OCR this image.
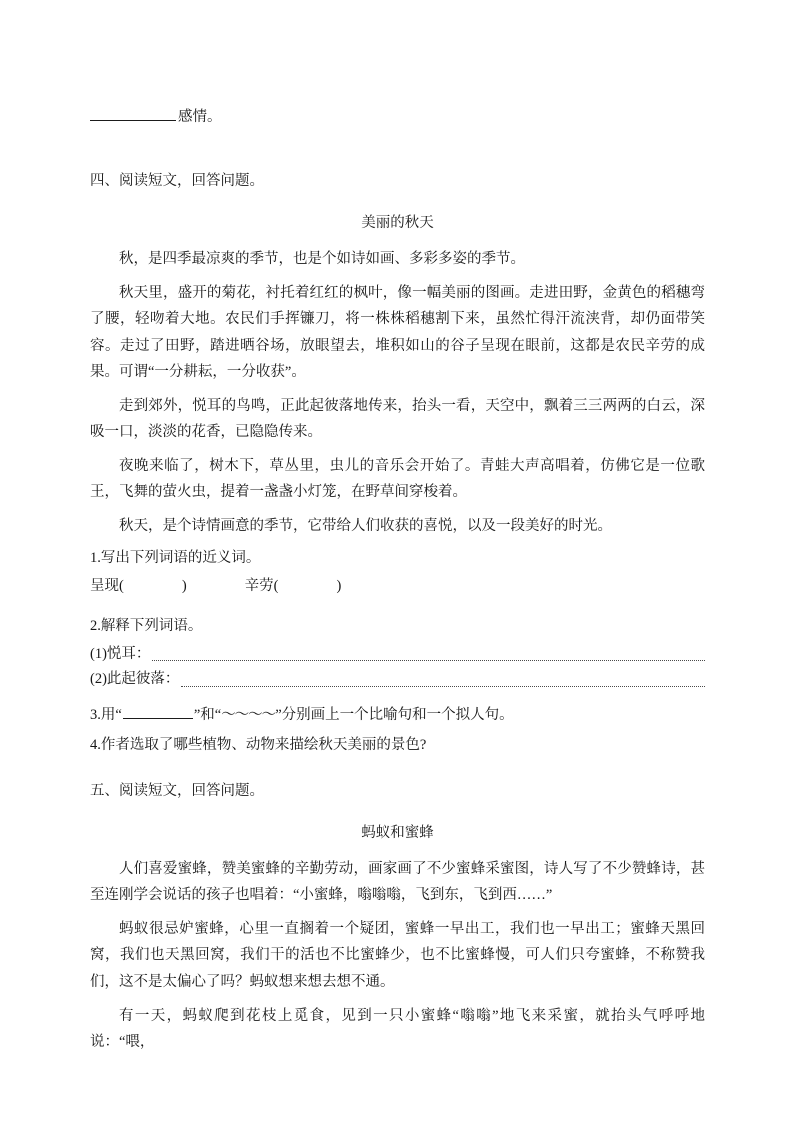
感情。

四、阅读短文，回答问题。

美丽的秋天

秋，是四季最凉爽的季节，也是个如诗如画、多彩多姿的季节。

秋天里，盛开的菊花，衬托着红红的枫叶，像一幅美丽的图画。走进田野，金黄色的稻穗弯了腰，轻吻着大地。农民们手挥镰刀，将一株株稻穗割下来，虽然忙得汗流浃背，却仍面带笑容。走过了田野，踏进晒谷场，放眼望去，堆积如山的谷子呈现在眼前，这都是农民辛劳的成果。可谓“一分耕耘，一分收获”。

走到郊外，悦耳的鸟鸣，正此起彼落地传来，抬头一看，天空中，飘着三三两两的白云，深吸一口，淡淡的花香，已隐隐传来。

夜晚来临了，树木下，草丛里，虫儿的音乐会开始了。青蛙大声高唱着，仿佛它是一位歌王，飞舞的萤火虫，提着一盏盏小灯笼，在野草间穿梭着。

秋天，是个诗情画意的季节，它带给人们收获的喜悦，以及一段美好的时光。

1.写出下列词语的近义词。

呈现(　　　　)　　　　辛劳(　　　　)

2.解释下列词语。

(1)悦耳：
(2)此起彼落：

3.用“	”和“～～～～”分别画上一个比喻句和一个拟人句。

4.作者选取了哪些植物、动物来描绘秋天美丽的景色?

五、阅读短文，回答问题。

蚂蚁和蜜蜂

人们喜爱蜜蜂，赞美蜜蜂的辛勤劳动，画家画了不少蜜蜂采蜜图，诗人写了不少赞蜂诗，甚至连刚学会说话的孩子也唱着：“小蜜蜂，嗡嗡嗡，飞到东，飞到西……”

蚂蚁很忌妒蜜蜂，心里一直搁着一个疑团，蜜蜂一早出工，我们也一早出工；蜜蜂天黑回窝，我们也天黑回窝，我们干的活也不比蜜蜂少，也不比蜜蜂慢，可人们只夸蜜蜂，不称赞我们，这不是太偏心了吗？蚂蚁想来想去想不通。

有一天，蚂蚁爬到花枝上觅食，见到一只小蜜蜂“嗡嗡”地飞来采蜜，就抬头气呼呼地说：“喂，
